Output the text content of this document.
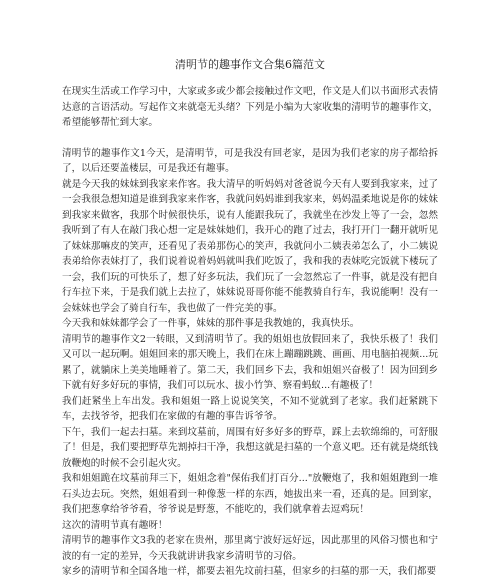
清明节的趣事作文合集6篇范文

在现实生活或工作学习中，大家或多或少都会接触过作文吧，作文是人们以书面形式表情达意的言语活动。写起作文来就毫无头绪？下列是小编为大家收集的清明节的趣事作文，希望能够帮忙到大家。

清明节的趣事作文1今天，是清明节，可是我没有回老家，是因为我们老家的房子都给拆了，以后还要盖楼层，可是我还有趣事。

就是今天我的妹妹到我家来作客。我大清早的听妈妈对爸爸说今天有人要到我家来，过了一会我很急想知道是谁到我家来作客，我就问妈妈谁到我家来，妈妈温柔地说是你的妹妹到我家来做客，我那个时候很快乐，说有人能跟我玩了，我就坐在沙发上等了一会，忽然我听到了有人在敲门我心想一定是妹妹她们，我开心的跑了过去，我打开门一翻开就听见了妹妹那嘛皮的笑声，还看见了表弟那伤心的笑声，我就问小二姨表弟怎么了，小二姨说表弟给你表妹打了，我们说着说着妈妈就叫我们吃饭了，我和我的表妹吃完饭就下楼玩了一会，我们玩的可快乐了，想了好多玩法，我们玩了一会忽然忘了一件事，就是没有把自行车拉下来，于是我们就上去拉了，妹妹说哥哥你能不能教骑自行车，我说能啊！没有一会妹妹也学会了骑自行车，我也做了一件完美的事。

今天我和妹妹都学会了一件事，妹妹的那件事是我教她的，我真快乐。

清明节的趣事作文2一转眼，又到清明节了。我的姐姐也放假回来了，我快乐极了！我们又可以一起玩啊。姐姐回来的那天晚上，我们在床上蹦蹦跳跳、画画、用电脑拍视频...玩累了，就躺床上美美地睡着了。第二天，我们回乡下去，我和姐姐兴奋极了！因为回到乡下就有好多好玩的事情，我们可以玩水、拔小竹笋、察看蚂蚁...有趣极了！

我们赶紧坐上车出发。我和姐姐一路上说说笑笑，不知不觉就到了老家。我们赶紧跳下车，去找爷爷，把我们在家做的有趣的事告诉爷爷。

下午，我们一起去扫墓。来到坟墓前，周围有好多好多的野草，踩上去软绵绵的，可舒服了！但是，我们要把野草先割掉扫干净，我想这就是扫墓的一个意义吧。还有就是烧纸钱放鞭炮的时候不会引起火灾。

我和姐姐跪在坟墓前拜三下，姐姐念着"保佑我们打百分..."放鞭炮了，我和姐姐跑到一堆石头边去玩。突然，姐姐看到一种像葱一样的东西，她拔出来一看，还真的是。回到家，我们把葱拿给爷爷看，爷爷说是野葱，不能吃的，我们就拿着去逗鸡玩！

这次的清明节真有趣呀！

清明节的趣事作文3我的老家在贵州，那里离宁波好远好远，因此那里的风俗习惯也和宁波的有一定的差异，今天我就讲讲我家乡清明节的习俗。

家乡的清明节和全国各地一样，都要去祖先坟前扫墓，但家乡的扫墓的那一天，我们都要
